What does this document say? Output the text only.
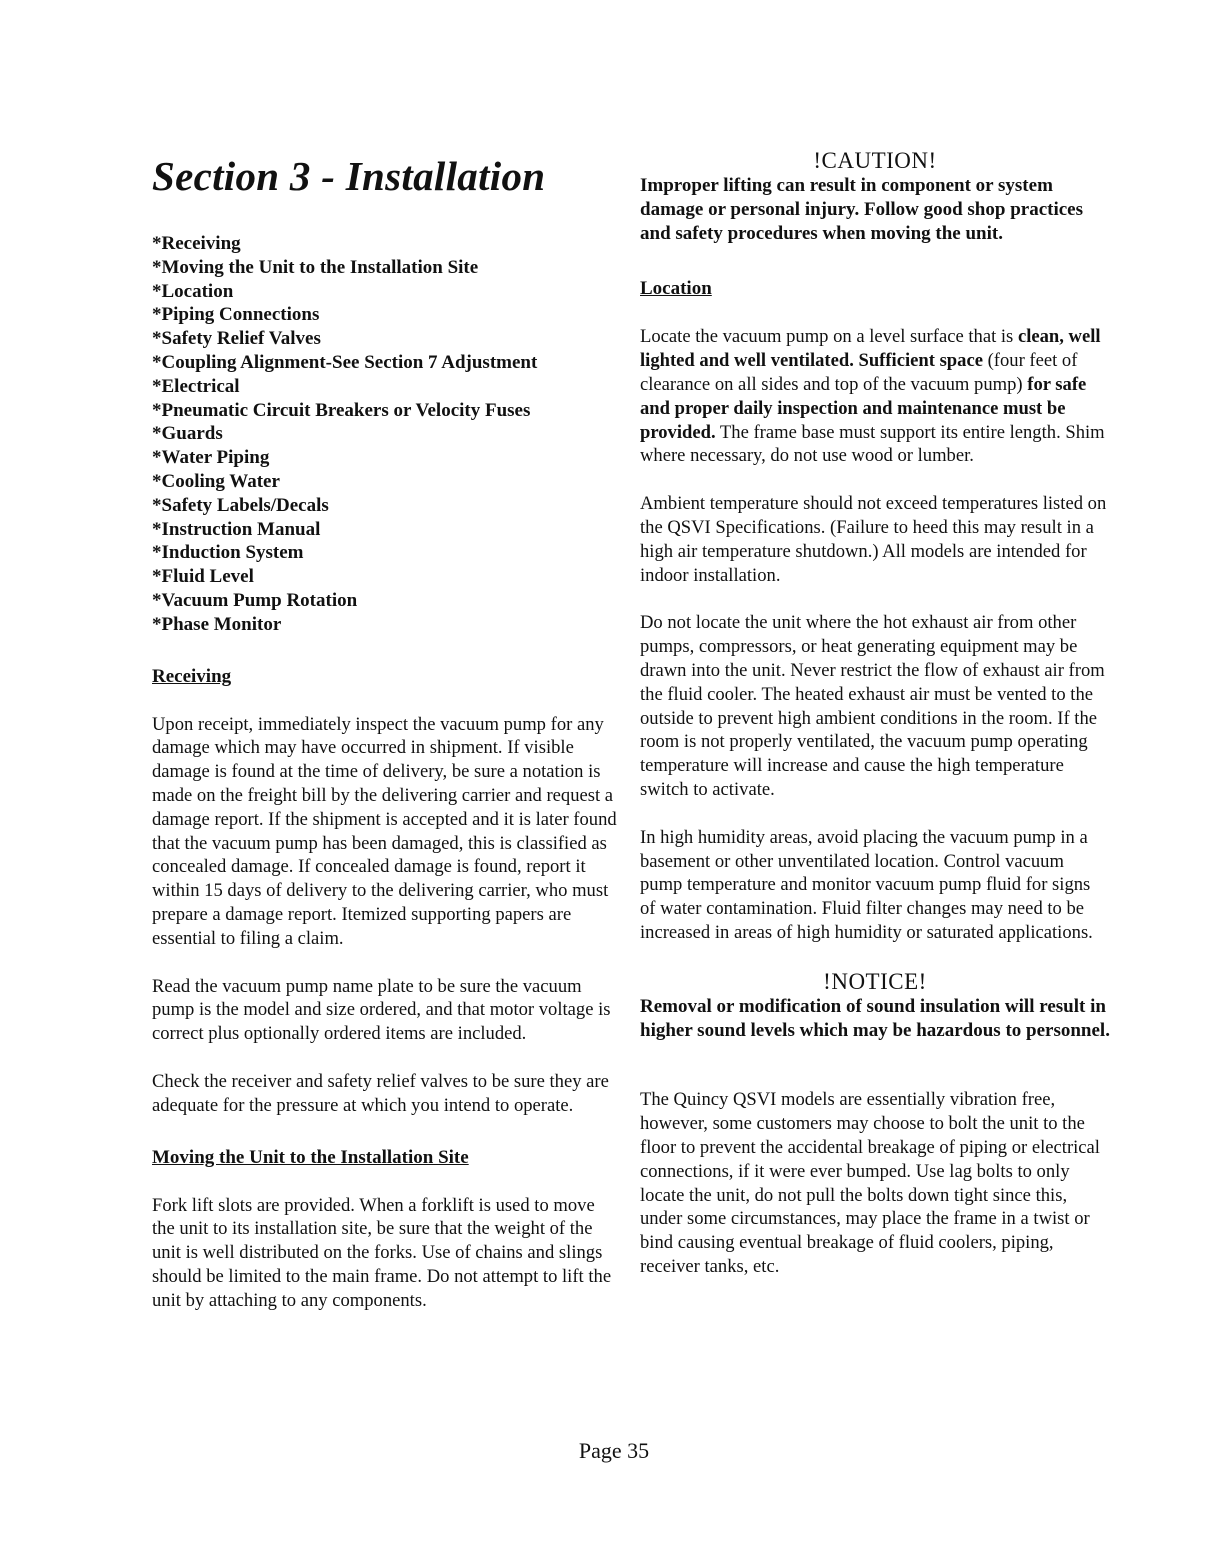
Section 3 - Installation
*Receiving
*Moving the Unit to the Installation Site
*Location
*Piping Connections
*Safety Relief Valves
*Coupling Alignment-See Section 7 Adjustment
*Electrical
*Pneumatic Circuit Breakers or Velocity Fuses
*Guards
*Water Piping
*Cooling Water
*Safety Labels/Decals
*Instruction Manual
*Induction System
*Fluid Level
*Vacuum Pump Rotation
*Phase Monitor
Receiving

Upon receipt, immediately inspect the vacuum pump for any damage which may have occurred in shipment. If visible damage is found at the time of delivery, be sure a notation is made on the freight bill by the delivering carrier and request a damage report. If the shipment is accepted and it is later found that the vacuum pump has been damaged, this is classified as concealed damage. If concealed damage is found, report it within 15 days of delivery to the delivering carrier, who must prepare a damage report. Itemized supporting papers are essential to filing a claim.

Read the vacuum pump name plate to be sure the vacuum pump is the model and size ordered, and that motor voltage is correct plus optionally ordered items are included.

Check the receiver and safety relief valves to be sure they are adequate for the pressure at which you intend to operate.

Moving the Unit to the Installation Site

Fork lift slots are provided. When a forklift is used to move the unit to its installation site, be sure that the weight of the unit is well distributed on the forks. Use of chains and slings should be limited to the main frame. Do not attempt to lift the unit by attaching to any components.

!CAUTION!

Improper lifting can result in component or system damage or personal injury. Follow good shop practices and safety procedures when moving the unit.

Location

Locate the vacuum pump on a level surface that is clean, well lighted and well ventilated. Sufficient space (four feet of clearance on all sides and top of the vacuum pump) for safe and proper daily inspection and maintenance must be provided. The frame base must support its entire length. Shim where necessary, do not use wood or lumber.

Ambient temperature should not exceed temperatures listed on the QSVI Specifications. (Failure to heed this may result in a high air temperature shutdown.) All models are intended for indoor installation.

Do not locate the unit where the hot exhaust air from other pumps, compressors, or heat generating equipment may be drawn into the unit. Never restrict the flow of exhaust air from the fluid cooler. The heated exhaust air must be vented to the outside to prevent high ambient conditions in the room. If the room is not properly ventilated, the vacuum pump operating temperature will increase and cause the high temperature switch to activate.

In high humidity areas, avoid placing the vacuum pump in a basement or other unventilated location. Control vacuum pump temperature and monitor vacuum pump fluid for signs of water contamination. Fluid filter changes may need to be increased in areas of high humidity or saturated applications.

!NOTICE!

Removal or modification of sound insulation will result in higher sound levels which may be hazardous to personnel.

The Quincy QSVI models are essentially vibration free, however, some customers may choose to bolt the unit to the floor to prevent the accidental breakage of piping or electrical connections, if it were ever bumped. Use lag bolts to only locate the unit, do not pull the bolts down tight since this, under some circumstances, may place the frame in a twist or bind causing eventual breakage of fluid coolers, piping, receiver tanks, etc.

Page 35
